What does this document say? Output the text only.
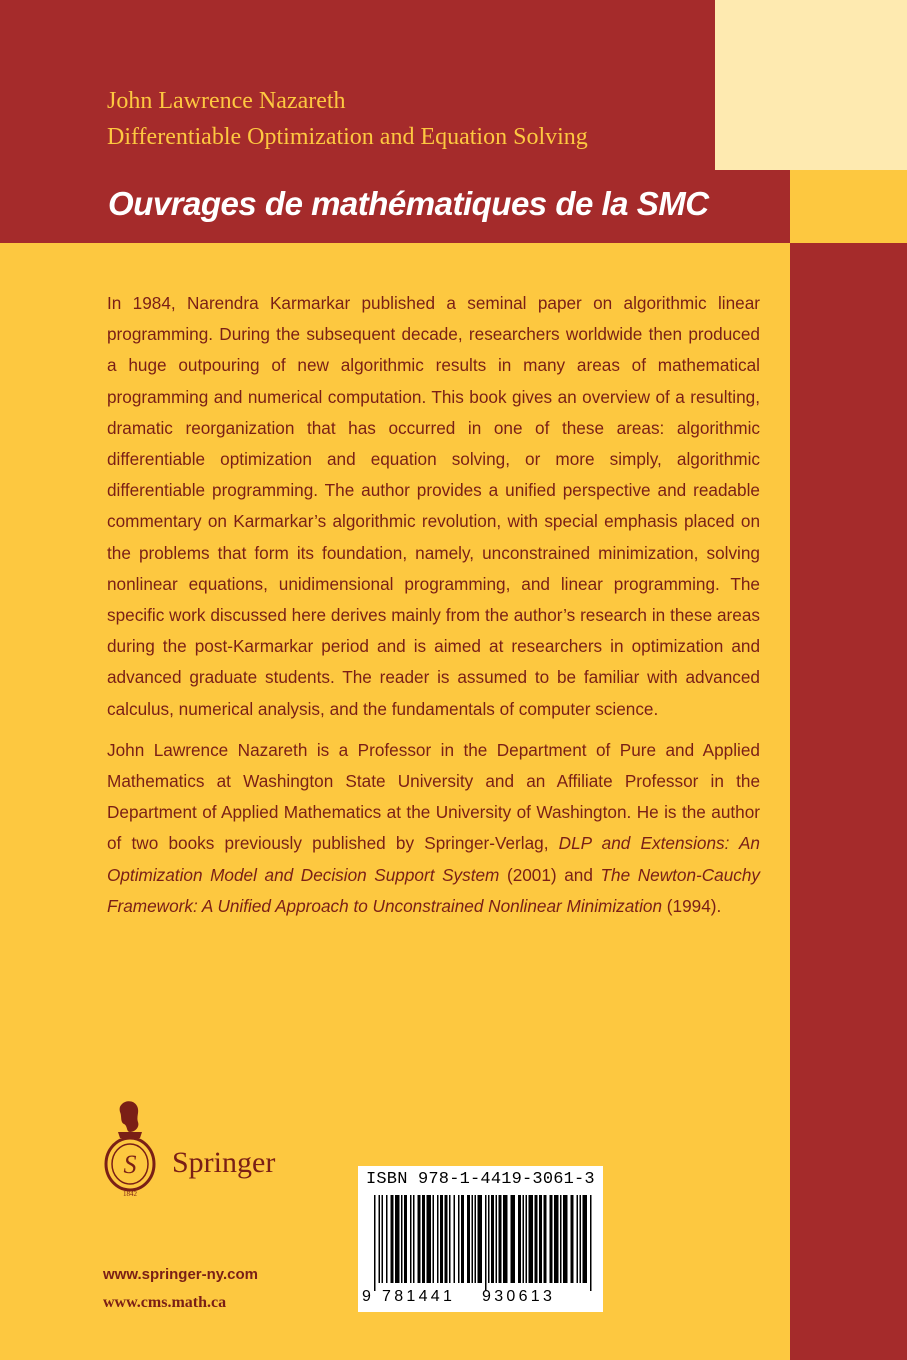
John Lawrence Nazareth
Differentiable Optimization and Equation Solving
Ouvrages de mathématiques de la SMC

In 1984, Narendra Karmarkar published a seminal paper on algorithmic linear programming. During the subsequent decade, researchers worldwide then produced a huge outpouring of new algorithmic results in many areas of mathematical programming and numerical computation. This book gives an overview of a resulting, dramatic reorganization that has occurred in one of these areas: algorithmic differentiable optimization and equation solving, or more simply, algorithmic differentiable programming. The author provides a unified perspective and readable commentary on Karmarkar’s algorithmic revolution, with special emphasis placed on the problems that form its foundation, namely, unconstrained minimization, solving nonlinear equations, unidimensional programming, and linear programming. The specific work discussed here derives mainly from the author’s research in these areas during the post-Karmarkar period and is aimed at researchers in optimization and advanced graduate students. The reader is assumed to be familiar with advanced calculus, numerical analysis, and the fundamentals of computer science.

John Lawrence Nazareth is a Professor in the Department of Pure and Applied Mathematics at Washington State University and an Affiliate Professor in the Department of Applied Mathematics at the University of Washington. He is the author of two books previously published by Springer-Verlag, DLP and Extensions: An Optimization Model and Decision Support System (2001) and The Newton-Cauchy Framework: A Unified Approach to Unconstrained Nonlinear Minimization (1994).

S
1842
Springer
ISBN 978-1-4419-3061-3
9 781441 930613
www.springer-ny.com
www.cms.math.ca
